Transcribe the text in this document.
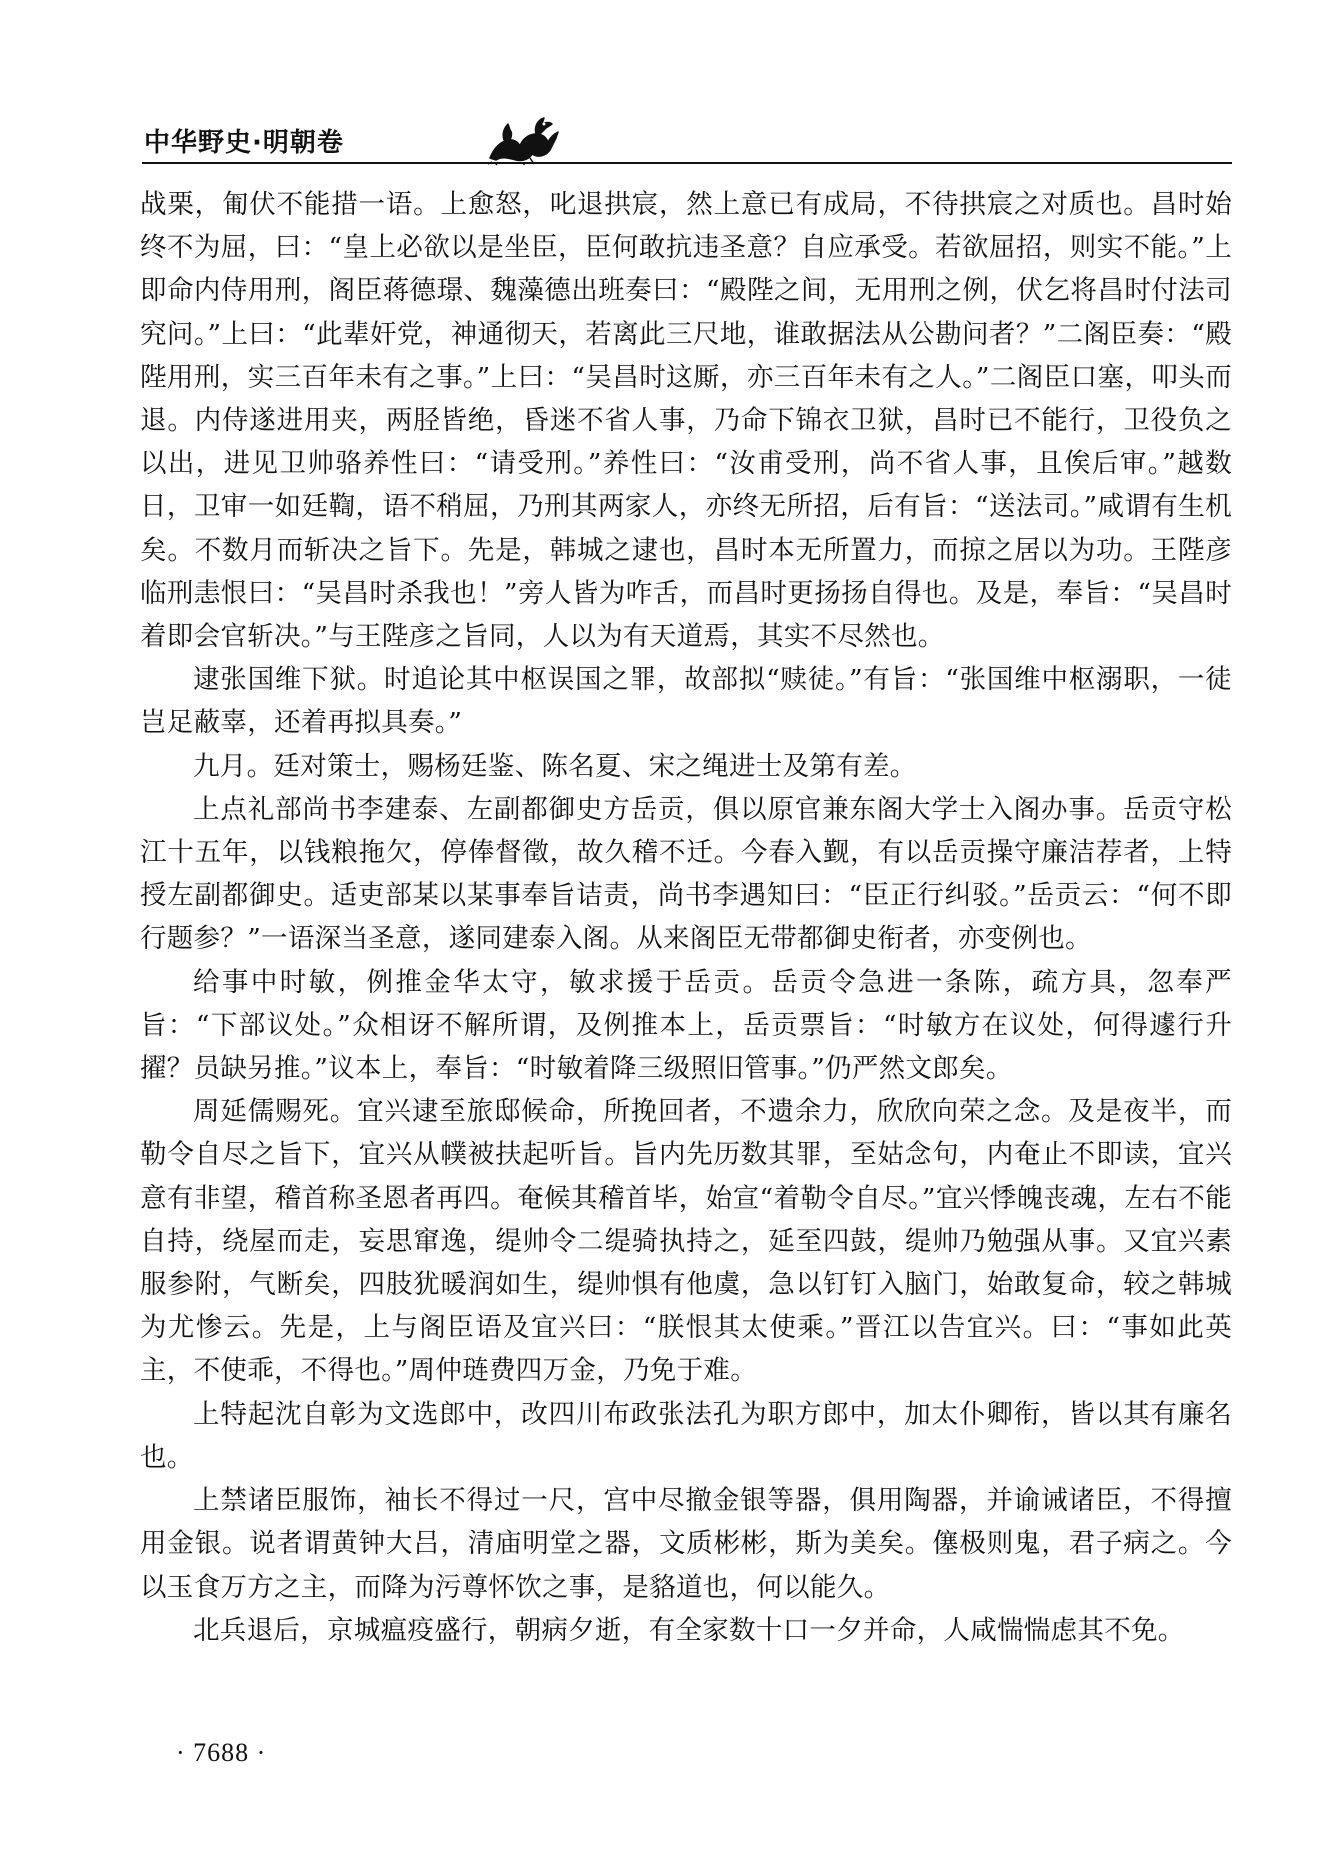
中华野史·明朝卷

战栗，匍伏不能措一语。上愈怒，叱退拱宸，然上意已有成局，不待拱宸之对质也。昌时始终不为屈，曰：“皇上必欲以是坐臣，臣何敢抗违圣意？自应承受。若欲屈招，则实不能。”上即命内侍用刑，阁臣蒋德璟、魏藻德出班奏曰：“殿陛之间，无用刑之例，伏乞将昌时付法司究问。”上曰：“此辈奸党，神通彻天，若离此三尺地，谁敢据法从公勘问者？”二阁臣奏：“殿陛用刑，实三百年未有之事。”上曰：“吴昌时这厮，亦三百年未有之人。”二阁臣口塞，叩头而退。内侍遂进用夹，两胫皆绝，昏迷不省人事，乃命下锦衣卫狱，昌时已不能行，卫役负之以出，进见卫帅骆养性曰：“请受刑。”养性曰：“汝甫受刑，尚不省人事，且俟后审。”越数日，卫审一如廷鞫，语不稍屈，乃刑其两家人，亦终无所招，后有旨：“送法司。”咸谓有生机矣。不数月而斩决之旨下。先是，韩城之逮也，昌时本无所置力，而掠之居以为功。王陛彦临刑恚恨曰：“吴昌时杀我也！”旁人皆为咋舌，而昌时更扬扬自得也。及是，奉旨：“吴昌时着即会官斩决。”与王陛彦之旨同，人以为有天道焉，其实不尽然也。

逮张国维下狱。时追论其中枢误国之罪，故部拟“赎徒。”有旨：“张国维中枢溺职，一徒岂足蔽辜，还着再拟具奏。”

九月。廷对策士，赐杨廷鉴、陈名夏、宋之绳进士及第有差。

上点礼部尚书李建泰、左副都御史方岳贡，俱以原官兼东阁大学士入阁办事。岳贡守松江十五年，以钱粮拖欠，停俸督徵，故久稽不迁。今春入觐，有以岳贡操守廉洁荐者，上特授左副都御史。适吏部某以某事奉旨诘责，尚书李遇知曰：“臣正行纠驳。”岳贡云：“何不即行题参？”一语深当圣意，遂同建泰入阁。从来阁臣无带都御史衔者，亦变例也。

给事中时敏，例推金华太守，敏求援于岳贡。岳贡令急进一条陈，疏方具，忽奉严旨：“下部议处。”众相讶不解所谓，及例推本上，岳贡票旨：“时敏方在议处，何得遽行升擢？员缺另推。”议本上，奉旨：“时敏着降三级照旧管事。”仍严然文郎矣。

周延儒赐死。宜兴逮至旅邸候命，所挽回者，不遗余力，欣欣向荣之念。及是夜半，而勒令自尽之旨下，宜兴从幞被扶起听旨。旨内先历数其罪，至姑念句，内奄止不即读，宜兴意有非望，稽首称圣恩者再四。奄候其稽首毕，始宣“着勒令自尽。”宜兴悸魄丧魂，左右不能自持，绕屋而走，妄思窜逸，缇帅令二缇骑执持之，延至四鼓，缇帅乃勉强从事。又宜兴素服参附，气断矣，四肢犹暖润如生，缇帅惧有他虞，急以钉钉入脑门，始敢复命，较之韩城为尤惨云。先是，上与阁臣语及宜兴曰：“朕恨其太使乘。”晋江以告宜兴。曰：“事如此英主，不使乖，不得也。”周仲琏费四万金，乃免于难。

上特起沈自彰为文选郎中，改四川布政张法孔为职方郎中，加太仆卿衔，皆以其有廉名也。

上禁诸臣服饰，袖长不得过一尺，宫中尽撤金银等器，俱用陶器，并谕诫诸臣，不得擅用金银。说者谓黄钟大吕，清庙明堂之器，文质彬彬，斯为美矣。僿极则鬼，君子病之。今以玉食万方之主，而降为污尊怀饮之事，是貉道也，何以能久。

北兵退后，京城瘟疫盛行，朝病夕逝，有全家数十口一夕并命，人咸惴惴虑其不免。

· 7688 ·
